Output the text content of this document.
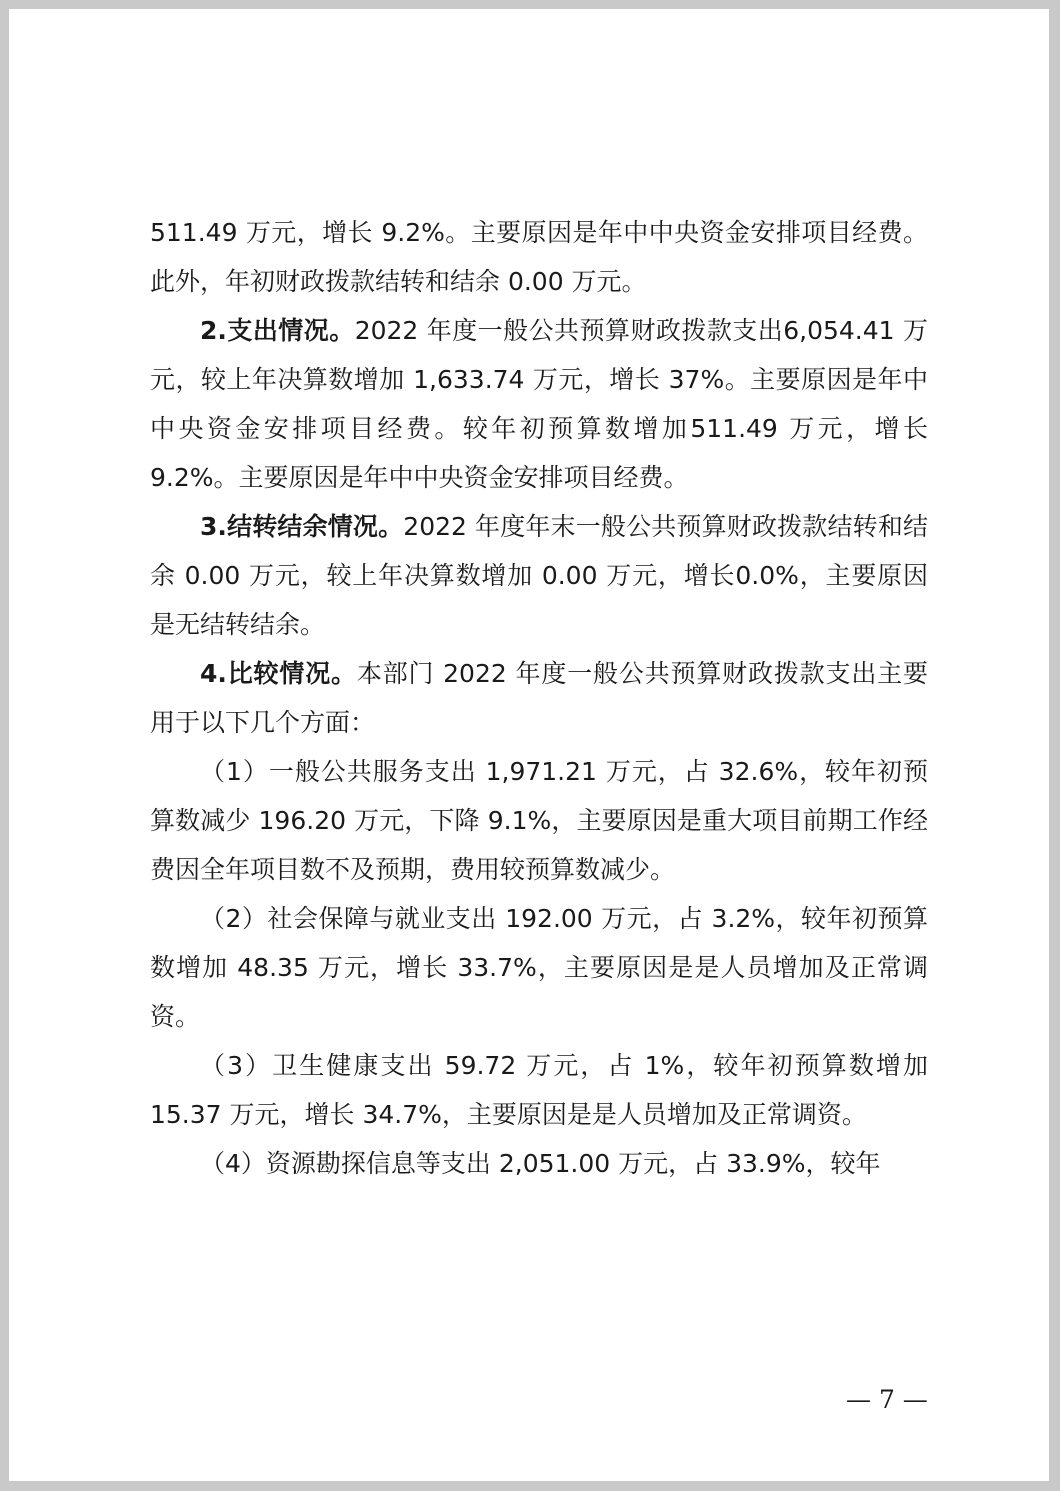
511.49 万元，增长 9.2%。主要原因是年中中央资金安排项目经费。此外，年初财政拨款结转和结余 0.00 万元。

2.支出情况。2022 年度一般公共预算财政拨款支出6,054.41 万元，较上年决算数增加 1,633.74 万元，增长 37%。主要原因是年中中央资金安排项目经费。较年初预算数增加511.49 万元，增长 9.2%。主要原因是年中中央资金安排项目经费。

3.结转结余情况。2022 年度年末一般公共预算财政拨款结转和结余 0.00 万元，较上年决算数增加 0.00 万元，增长0.0%，主要原因是无结转结余。

4.比较情况。本部门 2022 年度一般公共预算财政拨款支出主要用于以下几个方面：

（1）一般公共服务支出 1,971.21 万元，占 32.6%，较年初预算数减少 196.20 万元，下降 9.1%，主要原因是重大项目前期工作经费因全年项目数不及预期，费用较预算数减少。

（2）社会保障与就业支出 192.00 万元，占 3.2%，较年初预算数增加 48.35 万元，增长 33.7%，主要原因是是人员增加及正常调资。

（3）卫生健康支出 59.72 万元，占 1%，较年初预算数增加 15.37 万元，增长 34.7%，主要原因是是人员增加及正常调资。

（4）资源勘探信息等支出 2,051.00 万元，占 33.9%，较年

— 7 —
